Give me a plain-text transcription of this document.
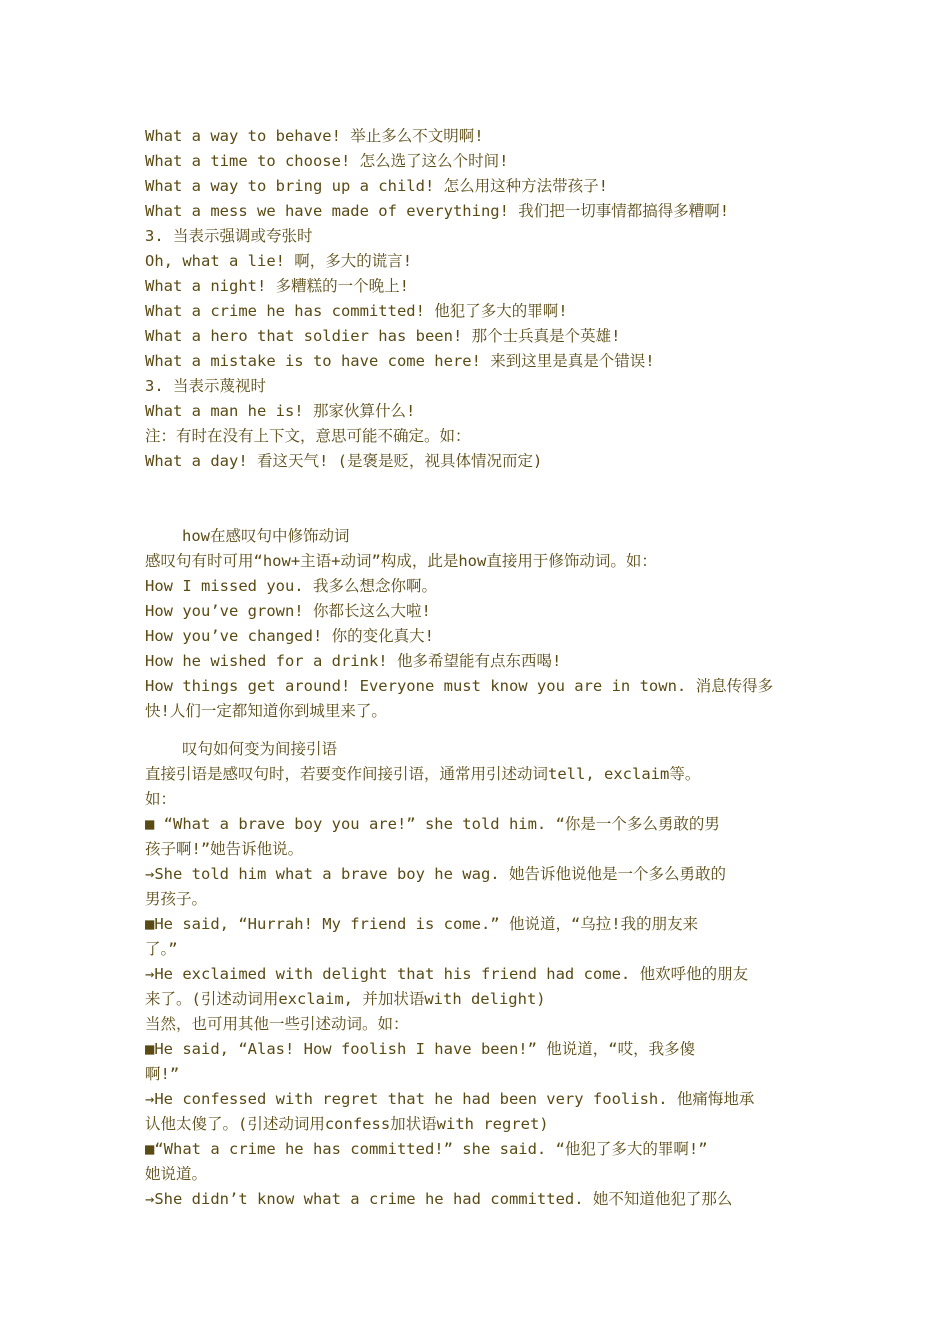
What a way to behave! 举止多么不文明啊!
What a time to choose! 怎么选了这么个时间!
What a way to bring up a child! 怎么用这种方法带孩子!
What a mess we have made of everything! 我们把一切事情都搞得多糟啊!
3. 当表示强调或夸张时
Oh, what a lie! 啊，多大的谎言!
What a night! 多糟糕的一个晚上!
What a crime he has committed! 他犯了多大的罪啊!
What a hero that soldier has been! 那个士兵真是个英雄!
What a mistake is to have come here! 来到这里是真是个错误!
3. 当表示蔑视时
What a man he is! 那家伙算什么!
注：有时在没有上下文，意思可能不确定。如：
What a day! 看这天气! (是褒是贬，视具体情况而定)
how在感叹句中修饰动词
感叹句有时可用“how+主语+动词”构成，此是how直接用于修饰动词。如：
How I missed you. 我多么想念你啊。
How you’ve grown! 你都长这么大啦!
How you’ve changed! 你的变化真大!
How he wished for a drink! 他多希望能有点东西喝!
How things get around! Everyone must know you are in town. 消息传得多
快!人们一定都知道你到城里来了。
叹句如何变为间接引语
直接引语是感叹句时，若要变作间接引语，通常用引述动词tell, exclaim等。
如：
■ “What a brave boy you are!” she told him. “你是一个多么勇敢的男
孩子啊!”她告诉他说。
→She told him what a brave boy he wag. 她告诉他说他是一个多么勇敢的
男孩子。
■He said, “Hurrah! My friend is come.” 他说道，“乌拉!我的朋友来
了。”
→He exclaimed with delight that his friend had come. 他欢呼他的朋友
来了。(引述动词用exclaim, 并加状语with delight)
当然，也可用其他一些引述动词。如：
■He said, “Alas! How foolish I have been!” 他说道，“哎，我多傻
啊!”
→He confessed with regret that he had been very foolish. 他痛悔地承
认他太傻了。(引述动词用confess加状语with regret)
■“What a crime he has committed!” she said. “他犯了多大的罪啊!”
她说道。
→She didn’t know what a crime he had committed. 她不知道他犯了那么
